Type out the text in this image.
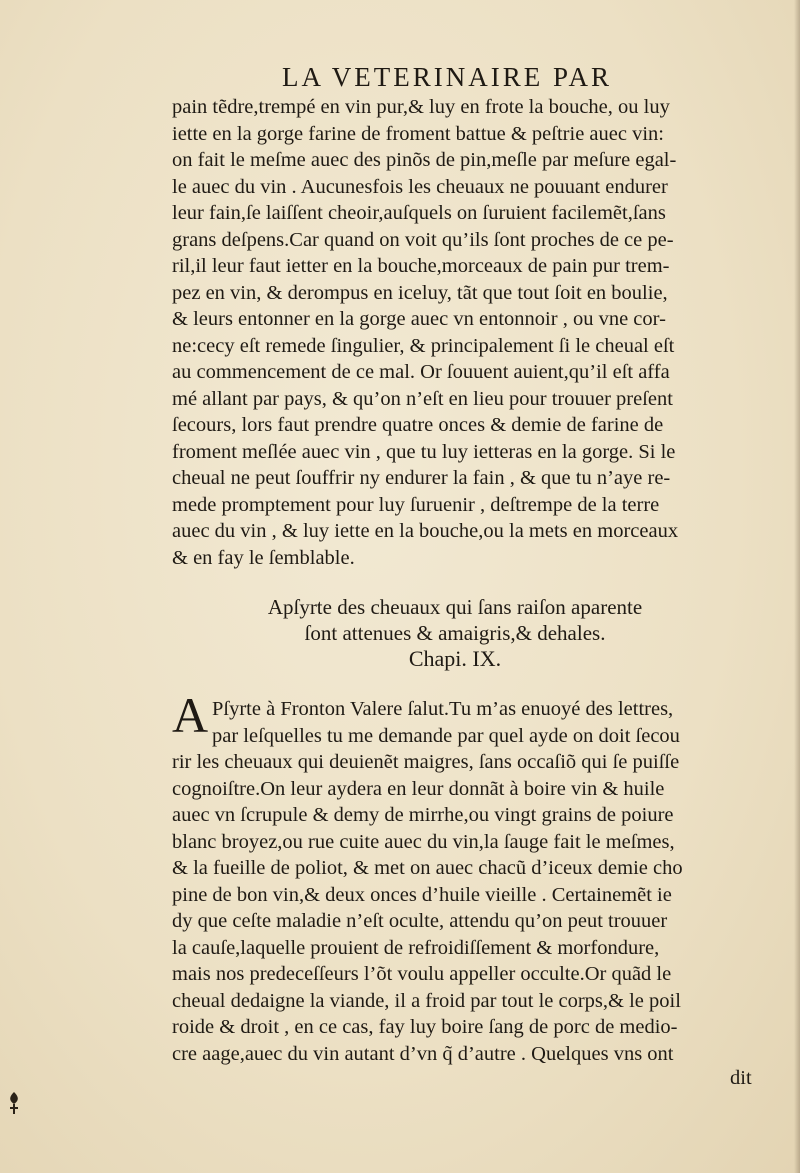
LA VETERINAIRE PAR
pain tẽdre,trempé en vin pur,& luy en frote la bouche, ou luy
iette en la gorge farine de froment battue & peſtrie auec vin:
on fait le meſme auec des pinõs de pin,meſle par meſure egal-
le auec du vin . Aucunesfois les cheuaux ne pouuant endurer
leur fain,ſe laiſſent cheoir,auſquels on ſuruient facilemẽt,ſans
grans deſpens.Car quand on voit qu’ils ſont proches de ce pe-
ril,il leur faut ietter en la bouche,morceaux de pain pur trem-
pez en vin, & derompus en iceluy, tãt que tout ſoit en boulie,
& leurs entonner en la gorge auec vn entonnoir , ou vne cor-
ne:cecy eſt remede ſingulier, & principalement ſi le cheual eſt
au commencement de ce mal. Or ſouuent auient,qu’il eſt affa
mé allant par pays, & qu’on n’eſt en lieu pour trouuer preſent
ſecours, lors faut prendre quatre onces & demie de farine de
froment meſlée auec vin , que tu luy ietteras en la gorge. Si le
cheual ne peut ſouffrir ny endurer la fain , & que tu n’aye re-
mede promptement pour luy ſuruenir , deſtrempe de la terre
auec du vin , & luy iette en la bouche,ou la mets en morceaux
& en fay le ſemblable.
Apſyrte des cheuaux qui ſans raiſon aparente
ſont attenues & amaigris,& dehales.
Chapi. IX.
A Pſyrte à Fronton Valere ſalut.Tu m’as enuoyé des lettres,
par leſquelles tu me demande par quel ayde on doit ſecou
rir les cheuaux qui deuienẽt maigres, ſans occaſiõ qui ſe puiſſe
cognoiſtre.On leur aydera en leur donnãt à boire vin & huile
auec vn ſcrupule & demy de mirrhe,ou vingt grains de poiure
blanc broyez,ou rue cuite auec du vin,la ſauge fait le meſmes,
& la fueille de poliot, & met on auec chacũ d’iceux demie cho
pine de bon vin,& deux onces d’huile vieille . Certainemẽt ie
dy que ceſte maladie n’eſt oculte, attendu qu’on peut trouuer
la cauſe,laquelle prouient de refroidiſſement & morfondure,
mais nos predeceſſeurs l’õt voulu appeller occulte.Or quãd le
cheual dedaigne la viande, il a froid par tout le corps,& le poil
roide & droit , en ce cas, fay luy boire ſang de porc de medio-
cre aage,auec du vin autant d’vn q̃ d’autre . Quelques vns ont
dit
